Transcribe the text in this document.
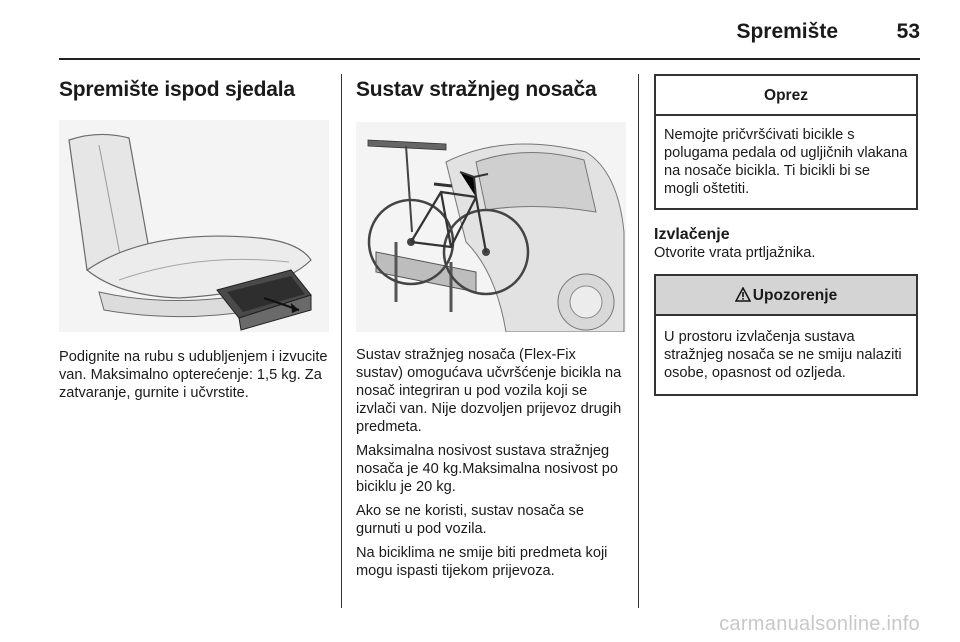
Spremište	53
Spremište ispod sjedala

Podignite na rubu s udubljenjem i izvucite van. Maksimalno opterećenje: 1,5 kg. Za zatvaranje, gurnite i učvrstite.

Sustav stražnjeg nosača

Sustav stražnjeg nosača (Flex-Fix sustav) omogućava učvršćenje bicikla na nosač integriran u pod vozila koji se izvlači van. Nije dozvoljen prijevoz drugih predmeta.

Maksimalna nosivost sustava stražnjeg nosača je 40 kg.Maksimalna nosivost po biciklu je 20 kg.

Ako se ne koristi, sustav nosača se gurnuti u pod vozila.

Na biciklima ne smije biti predmeta koji mogu ispasti tijekom prijevoza.

Oprez
Nemojte pričvršćivati bicikle s polugama pedala od ugljičnih vlakana na nosače bicikla. Ti bicikli bi se mogli oštetiti.
Izvlačenje

Otvorite vrata prtljažnika.

Upozorenje
U prostoru izvlačenja sustava stražnjeg nosača se ne smiju nalaziti osobe, opasnost od ozljeda.
carmanualsonline.info
